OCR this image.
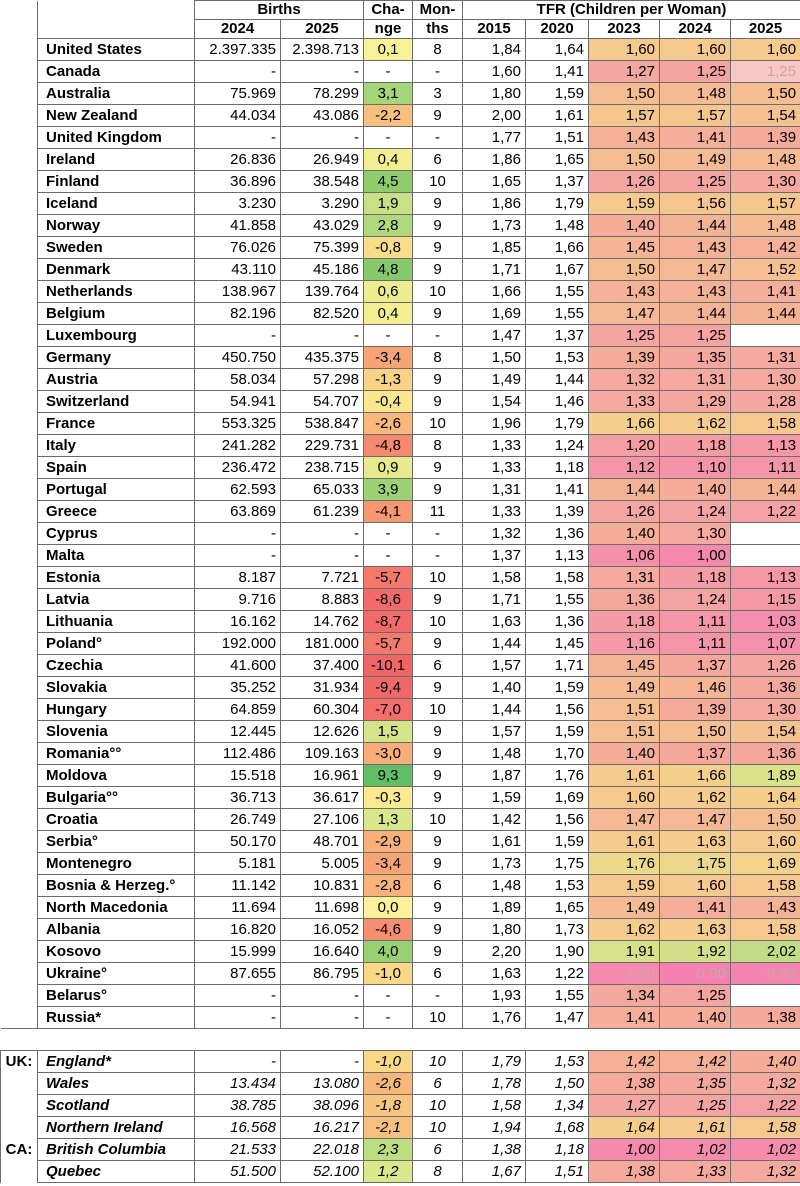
		Births		Cha-	Mon-	TFR (Children per Woman)				
		2024	2025	nge	ths	2015	2020	2023	2024	2025
	United States	2.397.335	2.398.713	0,1	8	1,84	1,64	1,60	1,60	1,60
	Canada	-	-	-	-	1,60	1,41	1,27	1,25	1,25
	Australia	75.969	78.299	3,1	3	1,80	1,59	1,50	1,48	1,50
	New Zealand	44.034	43.086	-2,2	9	2,00	1,61	1,57	1,57	1,54
	United Kingdom	-	-	-	-	1,77	1,51	1,43	1,41	1,39
	Ireland	26.836	26.949	0,4	6	1,86	1,65	1,50	1,49	1,48
	Finland	36.896	38.548	4,5	10	1,65	1,37	1,26	1,25	1,30
	Iceland	3.230	3.290	1,9	9	1,86	1,79	1,59	1,56	1,57
	Norway	41.858	43.029	2,8	9	1,73	1,48	1,40	1,44	1,48
	Sweden	76.026	75.399	-0,8	9	1,85	1,66	1,45	1,43	1,42
	Denmark	43.110	45.186	4,8	9	1,71	1,67	1,50	1,47	1,52
	Netherlands	138.967	139.764	0,6	10	1,66	1,55	1,43	1,43	1,41
	Belgium	82.196	82.520	0,4	9	1,69	1,55	1,47	1,44	1,44
	Luxembourg	-	-	-	-	1,47	1,37	1,25	1,25	
	Germany	450.750	435.375	-3,4	8	1,50	1,53	1,39	1,35	1,31
	Austria	58.034	57.298	-1,3	9	1,49	1,44	1,32	1,31	1,30
	Switzerland	54.941	54.707	-0,4	9	1,54	1,46	1,33	1,29	1,28
	France	553.325	538.847	-2,6	10	1,96	1,79	1,66	1,62	1,58
	Italy	241.282	229.731	-4,8	8	1,33	1,24	1,20	1,18	1,13
	Spain	236.472	238.715	0,9	9	1,33	1,18	1,12	1,10	1,11
	Portugal	62.593	65.033	3,9	9	1,31	1,41	1,44	1,40	1,44
	Greece	63.869	61.239	-4,1	11	1,33	1,39	1,26	1,24	1,22
	Cyprus	-	-	-	-	1,32	1,36	1,40	1,30	
	Malta	-	-	-	-	1,37	1,13	1,06	1,00	
	Estonia	8.187	7.721	-5,7	10	1,58	1,58	1,31	1,18	1,13
	Latvia	9.716	8.883	-8,6	9	1,71	1,55	1,36	1,24	1,15
	Lithuania	16.162	14.762	-8,7	10	1,63	1,36	1,18	1,11	1,03
	Poland°	192.000	181.000	-5,7	9	1,44	1,45	1,16	1,11	1,07
	Czechia	41.600	37.400	-10,1	6	1,57	1,71	1,45	1,37	1,26
	Slovakia	35.252	31.934	-9,4	9	1,40	1,59	1,49	1,46	1,36
	Hungary	64.859	60.304	-7,0	10	1,44	1,56	1,51	1,39	1,30
	Slovenia	12.445	12.626	1,5	9	1,57	1,59	1,51	1,50	1,54
	Romania°°	112.486	109.163	-3,0	9	1,48	1,70	1,40	1,37	1,36
	Moldova	15.518	16.961	9,3	9	1,87	1,76	1,61	1,66	1,89
	Bulgaria°°	36.713	36.617	-0,3	9	1,59	1,69	1,60	1,62	1,64
	Croatia	26.749	27.106	1,3	10	1,42	1,56	1,47	1,47	1,50
	Serbia°	50.170	48.701	-2,9	9	1,61	1,59	1,61	1,63	1,60
	Montenegro	5.181	5.005	-3,4	9	1,73	1,75	1,76	1,75	1,69
	Bosnia & Herzeg.°	11.142	10.831	-2,8	6	1,48	1,53	1,59	1,60	1,58
	North Macedonia	11.694	11.698	0,0	9	1,89	1,65	1,49	1,41	1,43
	Albania	16.820	16.052	-4,6	9	1,80	1,73	1,62	1,63	1,58
	Kosovo	15.999	16.640	4,0	9	2,20	1,90	1,91	1,92	2,02
	Ukraine°	87.655	86.795	-1,0	6	1,63	1,22	1,00	0,90	0,93
	Belarus°	-	-	-	-	1,93	1,55	1,34	1,25	
	Russia*	-	-	-	10	1,76	1,47	1,41	1,40	1,38

UK:	England*	-	-	-1,0	10	1,79	1,53	1,42	1,42	1,40
	Wales	13.434	13.080	-2,6	6	1,78	1,50	1,38	1,35	1,32
	Scotland	38.785	38.096	-1,8	10	1,58	1,34	1,27	1,25	1,22
	Northern Ireland	16.568	16.217	-2,1	10	1,94	1,68	1,64	1,61	1,58
CA:	British Columbia	21.533	22.018	2,3	6	1,38	1,18	1,00	1,02	1,02
	Quebec	51.500	52.100	1,2	8	1,67	1,51	1,38	1,33	1,32
